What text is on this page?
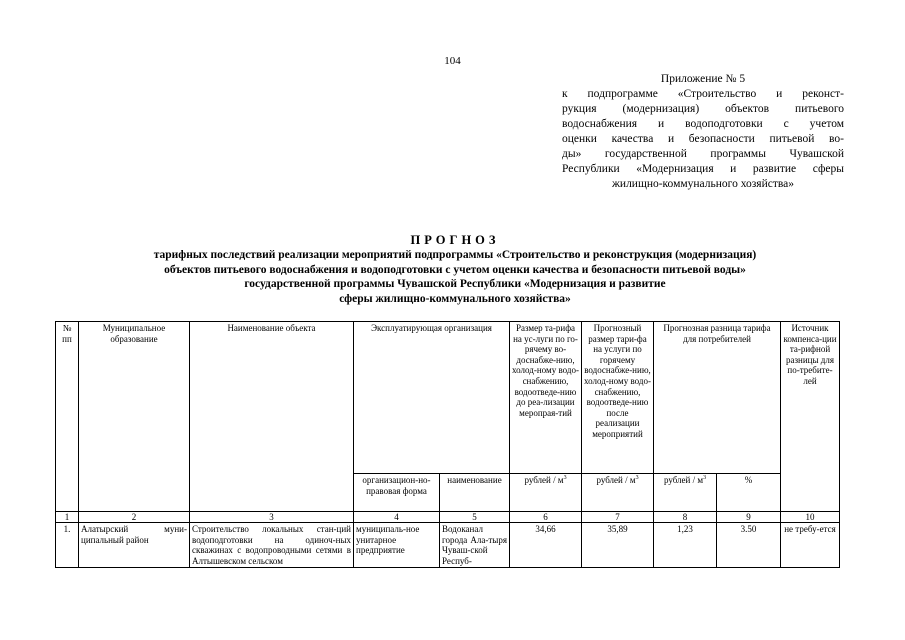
104
Приложение № 5
к подпрограмме «Строительство и реконст-
рукция (модернизация) объектов питьевого
водоснабжения и водоподготовки с учетом
оценки качества и безопасности питьевой во-
ды» государственной программы Чувашской
Республики «Модернизация и развитие сферы
жилищно-коммунального хозяйства»
ПРОГНОЗ
тарифных последствий реализации мероприятий подпрограммы «Строительство и реконструкция (модернизация)
объектов питьевого водоснабжения и водоподготовки с учетом оценки качества и безопасности питьевой воды»
государственной программы Чувашской Республики «Модернизация и развитие
сферы жилищно-коммунального хозяйства»
№ пп	Муниципальное образование	Наименование объекта	Эксплуатирующая организация		Размер та-рифа на ус-луги по го-рячему во-доснабже-нию, холод-ному водо-снабжению, водоотведе-нию до реа-лизации меропрая-тий	Прогнозный размер тари-фа на услуги по горячему водоснабже-нию, холод-ному водо-снабжению, водоотведе-нию после реализации мероприятий	Прогнозная разница тарифа для потребителей		Источник компенса-ции та-рифной разницы для по-требите-лей
			организацион-но-правовая форма	наименование	рублей / $м^3$	рублей / $м^3$	рублей / $м^3$	%	
1	2	3	4	5	6	7	8	9	10
1.	Алатырский муни-ципальный район	Строительство локальных стан-ций водоподготовки на одиноч-ных скважинах с водопроводными сетями в Алтышевском сельском	муниципаль-ное унитарное предприятие	Водоканал города Ала-тыря Чуваш-ской Респуб-	34,66	35,89	1,23	3.50	не требу-ется
